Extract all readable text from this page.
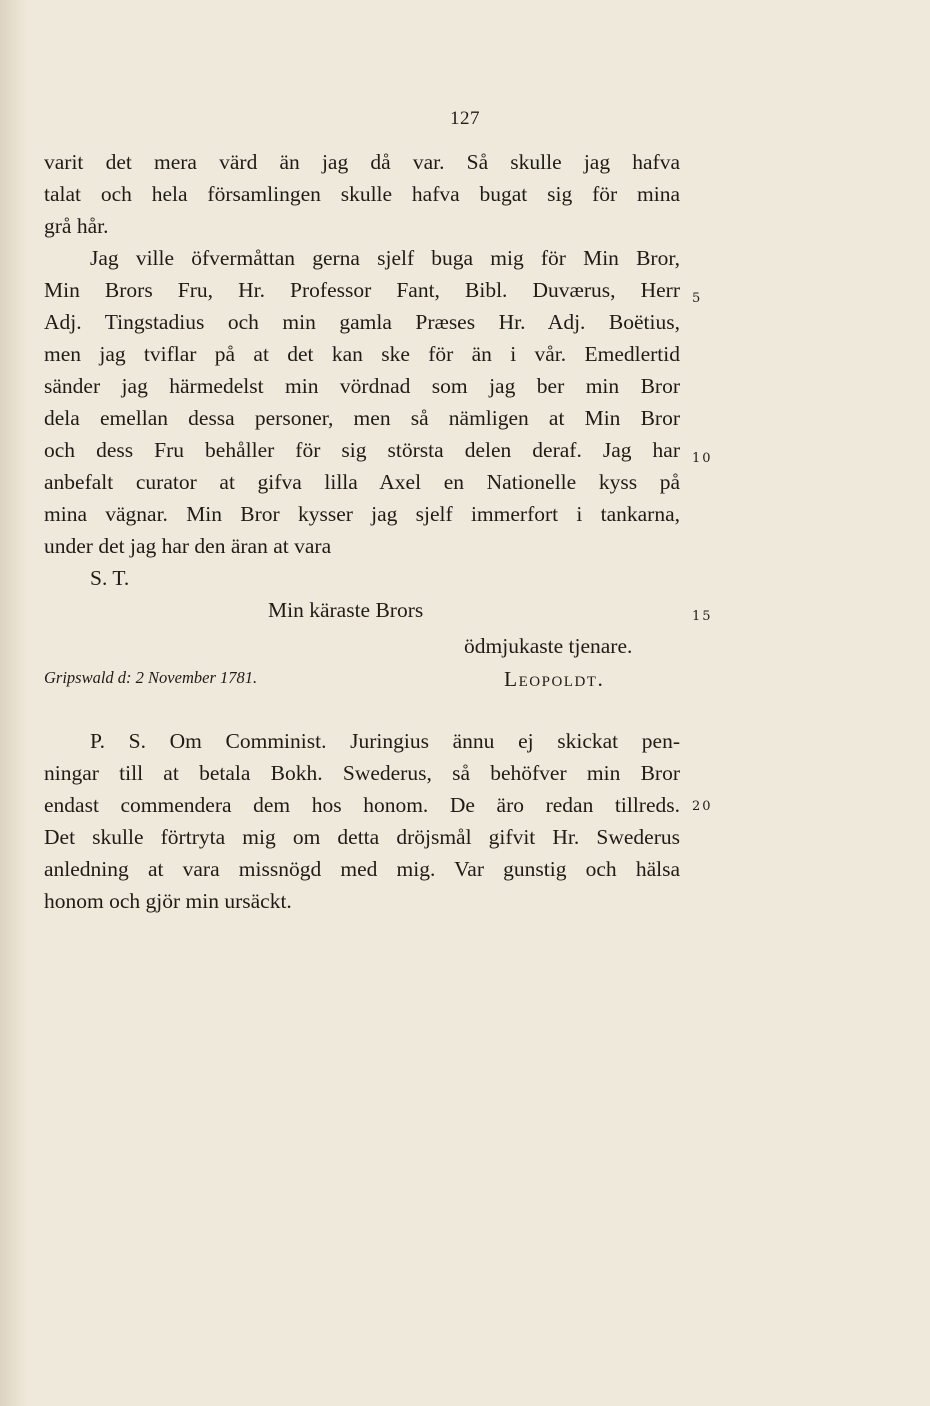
127
varit det mera värd än jag då var. Så skulle jag hafva
talat och hela församlingen skulle hafva bugat sig för mina
grå hår.
Jag ville öfvermåttan gerna sjelf buga mig för Min Bror,
Min Brors Fru, Hr. Professor Fant, Bibl. Duværus, Herr
Adj. Tingstadius och min gamla Præses Hr. Adj. Boëtius,
men jag tviflar på at det kan ske för än i vår. Emedlertid
sänder jag härmedelst min vördnad som jag ber min Bror
dela emellan dessa personer, men så nämligen at Min Bror
och dess Fru behåller för sig största delen deraf. Jag har
anbefalt curator at gifva lilla Axel en Nationelle kyss på
mina vägnar. Min Bror kysser jag sjelf immerfort i tankarna,
under det jag har den äran at vara
S. T.
Min käraste Brors
ödmjukaste tjenare.
Gripswald d: 2 November 1781.	Leopoldt.
P. S. Om Comminist. Juringius ännu ej skickat pen-
ningar till at betala Bokh. Swederus, så behöfver min Bror
endast commendera dem hos honom. De äro redan tillreds.
Det skulle förtryta mig om detta dröjsmål gifvit Hr. Swederus
anledning at vara missnögd med mig. Var gunstig och hälsa
honom och gjör min ursäckt.
5
10
15
20
